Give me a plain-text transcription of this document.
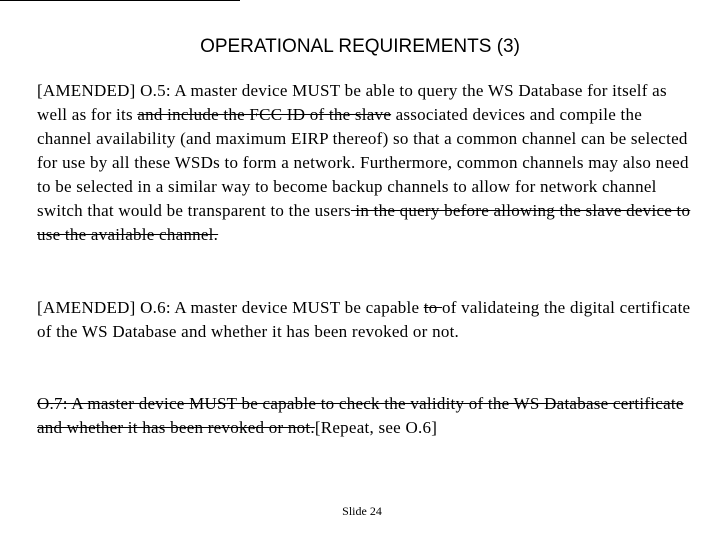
OPERATIONAL REQUIREMENTS (3)
[AMENDED] O.5: A master device MUST be able to query the WS Database for itself as well as for its and include the FCC ID of the slave associated devices and compile the channel availability (and maximum EIRP thereof) so that a common channel can be selected for use by all these WSDs to form a network. Furthermore, common channels may also need to be selected in a similar way to become backup channels to allow for network channel switch that would be transparent to the users in the query before allowing the slave device to use the available channel.
[AMENDED] O.6: A master device MUST be capable to of validateing the digital certificate of the WS Database and whether it has been revoked or not.
O.7: A master device MUST be capable to check the validity of the WS Database certificate and whether it has been revoked or not.[Repeat, see O.6]
Slide 24
